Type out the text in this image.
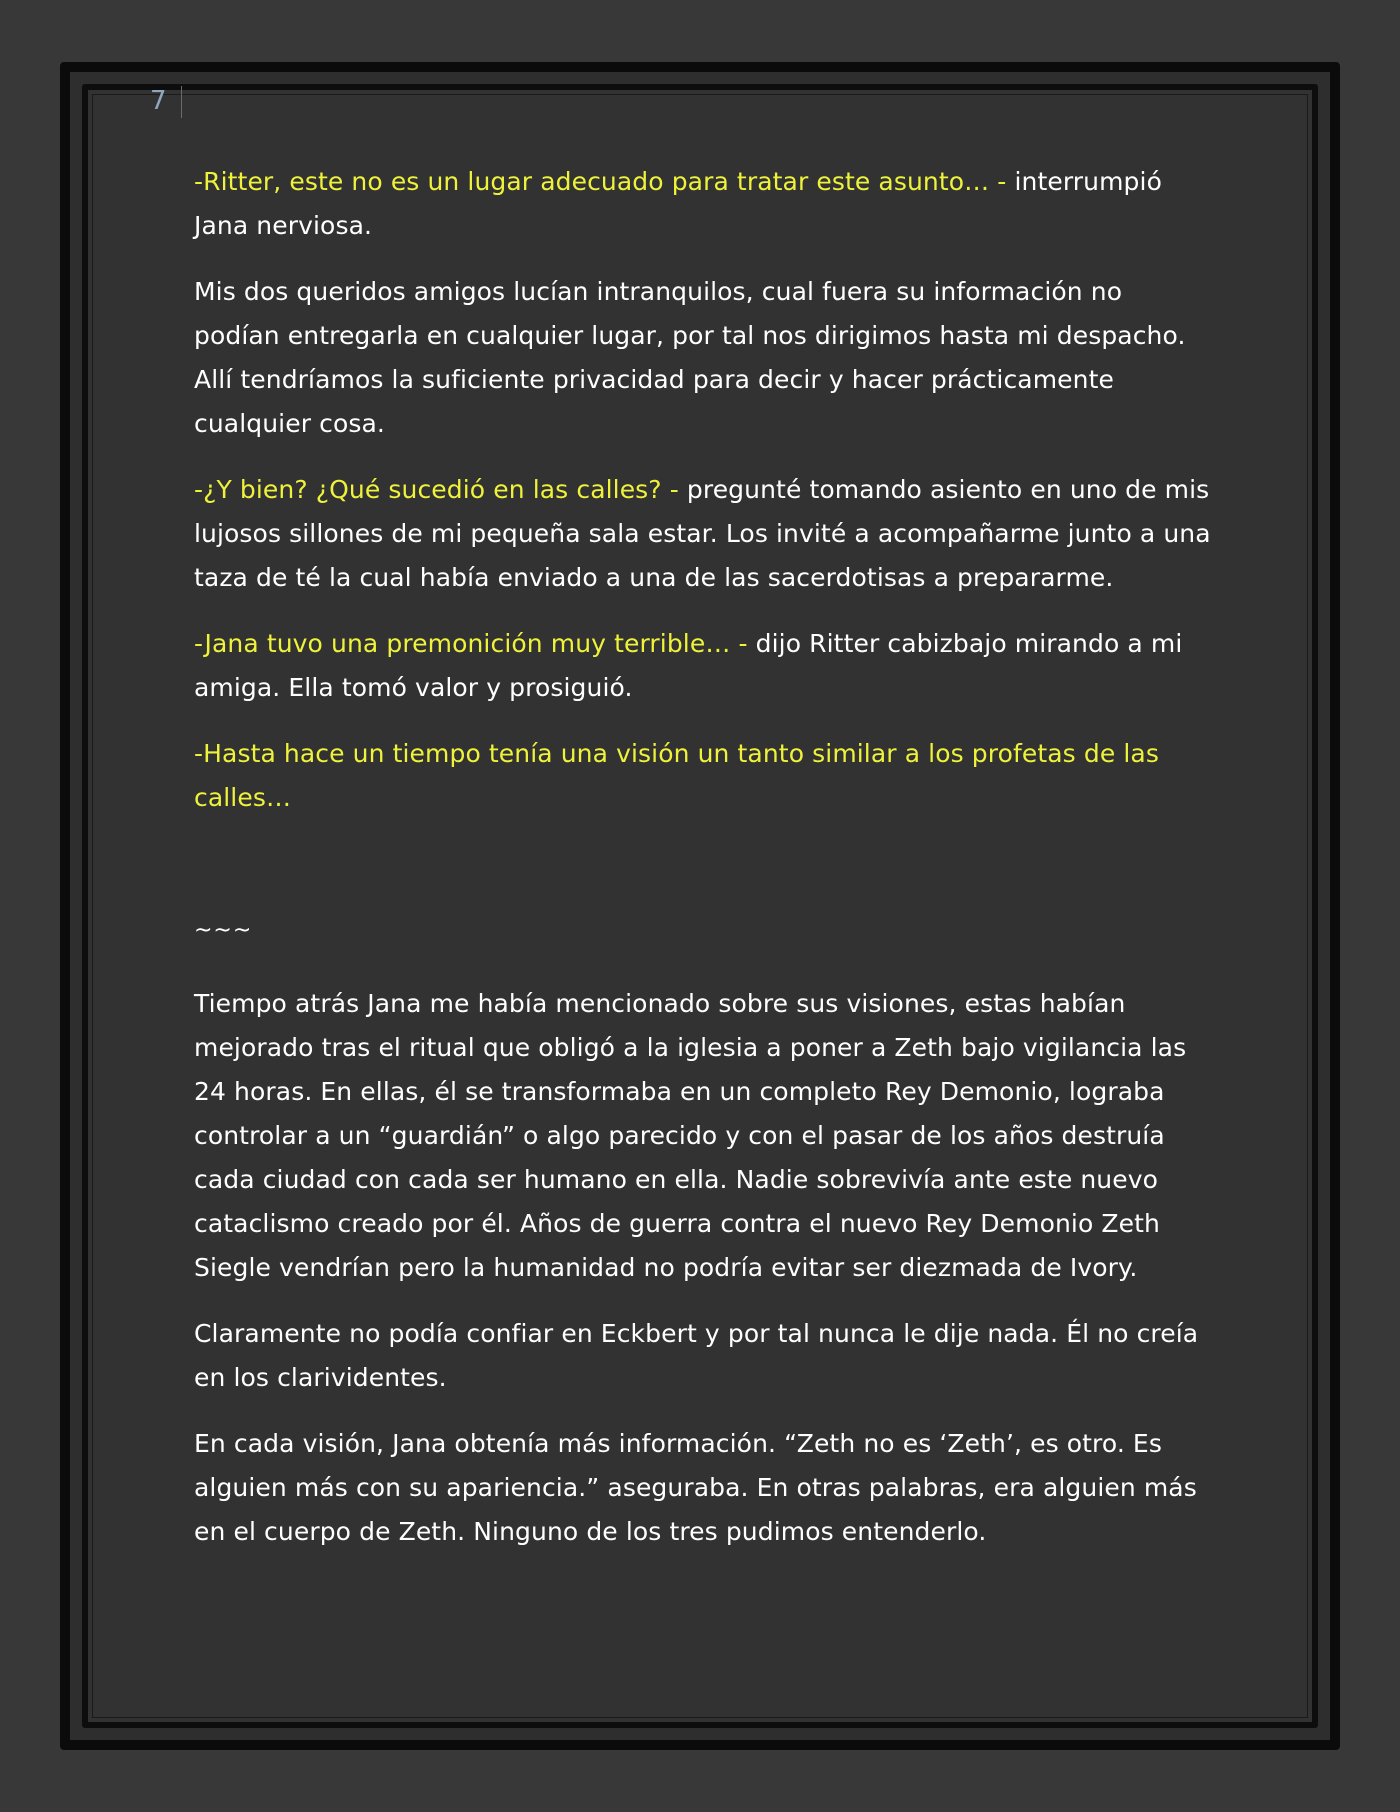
7

-Ritter, este no es un lugar adecuado para tratar este asunto… - interrumpió Jana nerviosa.

Mis dos queridos amigos lucían intranquilos, cual fuera su información no podían entregarla en cualquier lugar, por tal nos dirigimos hasta mi despacho. Allí tendríamos la suficiente privacidad para decir y hacer prácticamente cualquier cosa.

-¿Y bien? ¿Qué sucedió en las calles? - pregunté tomando asiento en uno de mis lujosos sillones de mi pequeña sala estar. Los invité a acompañarme junto a una taza de té la cual había enviado a una de las sacerdotisas a prepararme.

-Jana tuvo una premonición muy terrible… - dijo Ritter cabizbajo mirando a mi amiga. Ella tomó valor y prosiguió.

-Hasta hace un tiempo tenía una visión un tanto similar a los profetas de las calles…

~~~

Tiempo atrás Jana me había mencionado sobre sus visiones, estas habían mejorado tras el ritual que obligó a la iglesia a poner a Zeth bajo vigilancia las 24 horas. En ellas, él se transformaba en un completo Rey Demonio, lograba controlar a un “guardián” o algo parecido y con el pasar de los años destruía cada ciudad con cada ser humano en ella. Nadie sobrevivía ante este nuevo cataclismo creado por él. Años de guerra contra el nuevo Rey Demonio Zeth Siegle vendrían pero la humanidad no podría evitar ser diezmada de Ivory.

Claramente no podía confiar en Eckbert y por tal nunca le dije nada. Él no creía en los clarividentes.

En cada visión, Jana obtenía más información. “Zeth no es ‘Zeth’, es otro. Es alguien más con su apariencia.” aseguraba. En otras palabras, era alguien más en el cuerpo de Zeth. Ninguno de los tres pudimos entenderlo.
